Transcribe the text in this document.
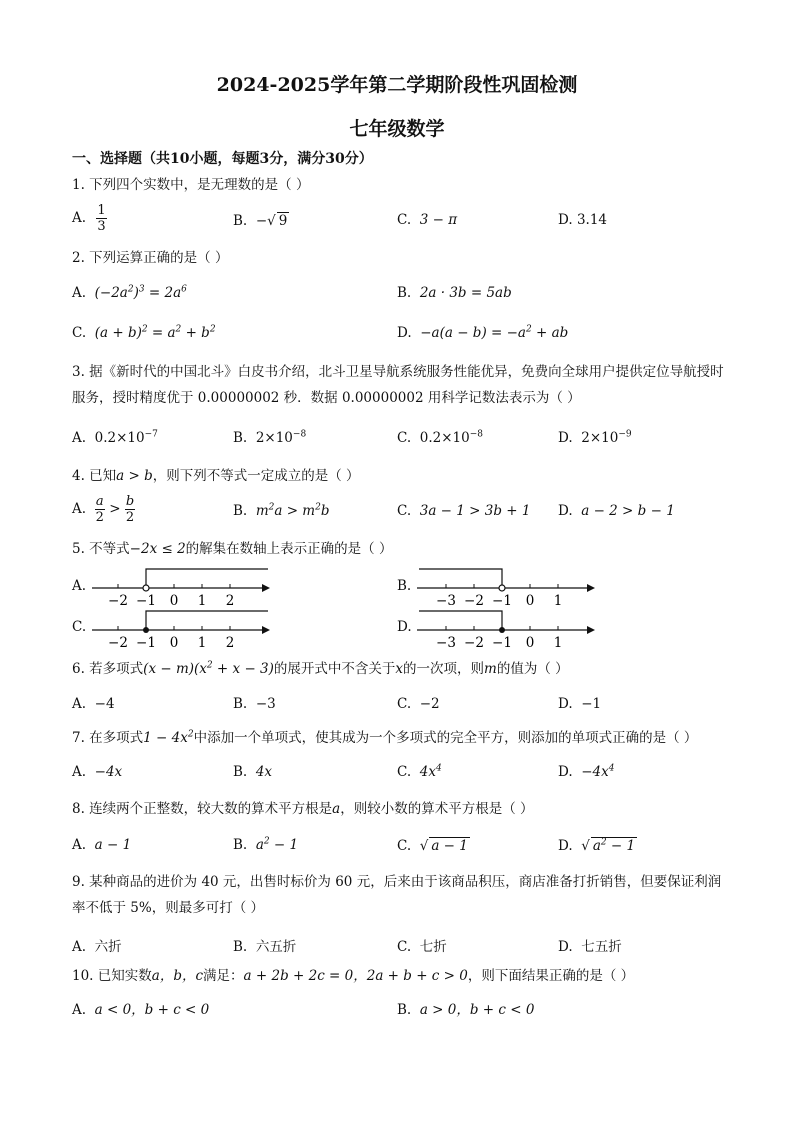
2024-2025学年第二学期阶段性巩固检测
七年级数学
一、选择题（共10小题，每题3分，满分30分）
1. 下列四个实数中，是无理数的是（ ）
A. $\frac{1}{3}$	B. −√ 9	C. 3 − π	D. 3.14
2. 下列运算正确的是（ ）
A. $(-2a^2)^3 = 2a^6$	B. 2a · 3b = 5ab
C. $(a + b)^2 = a^2 + b^2$	D. $-a(a - b) = -a^2$ + ab
3. 据《新时代的中国北斗》白皮书介绍，北斗卫星导航系统服务性能优异，免费向全球用户提供定位导航授时服务，授时精度优于 0.00000002 秒．数据 0.00000002 用科学记数法表示为（ ）
A. $0.2\times 10^{-7}$	B. $2\times 10^{-8}$	C. $0.2\times 10^{-8}$	D. $2\times 10^{-9}$
4. 已知a > b，则下列不等式一定成立的是（ ）
A. $\frac{a}{2} > \frac{b}{2}$	B. $m^2a > m^2b$	C. 3a − 1 > 3b + 1 D. a − 2 > b − 1
5. 不等式−2x ≤ 2的解集在数轴上表示正确的是（ ）
A.
−2 −1 0 1 2
B.
−3 −2 −1 0 1
C.
−2 −1 0 1 2
D.
−3 −2 −1 0 1
6. 若多项式$(x - m)(x^2 + x - 3)$的展开式中不含关于x的一次项，则m的值为（ ）
A. −4	B. −3	C. −2	D. −1
7. 在多项式$1 - 4x^2$中添加一个单项式，使其成为一个多项式的完全平方，则添加的单项式正确的是（ ）
A. −4x	B. 4x	C. $4x^4$	D. $-4x^4$
8. 连续两个正整数，较大数的算术平方根是a，则较小数的算术平方根是（ ）
A. a − 1	B. $a^2 - 1$	C. √ a − 1	D. √ $a^2 - 1$
9. 某种商品的进价为 40 元，出售时标价为 60 元，后来由于该商品积压，商店准备打折销售，但要保证利润率不低于 5%，则最多可打（ ）
A. 六折	B. 六五折	C. 七折	D. 七五折
10. 已知实数a，b，c满足：a + 2b + 2c = 0，2a + b + c > 0，则下面结果正确的是（ ）
A. a < 0，b + c < 0	B. a > 0，b + c < 0
